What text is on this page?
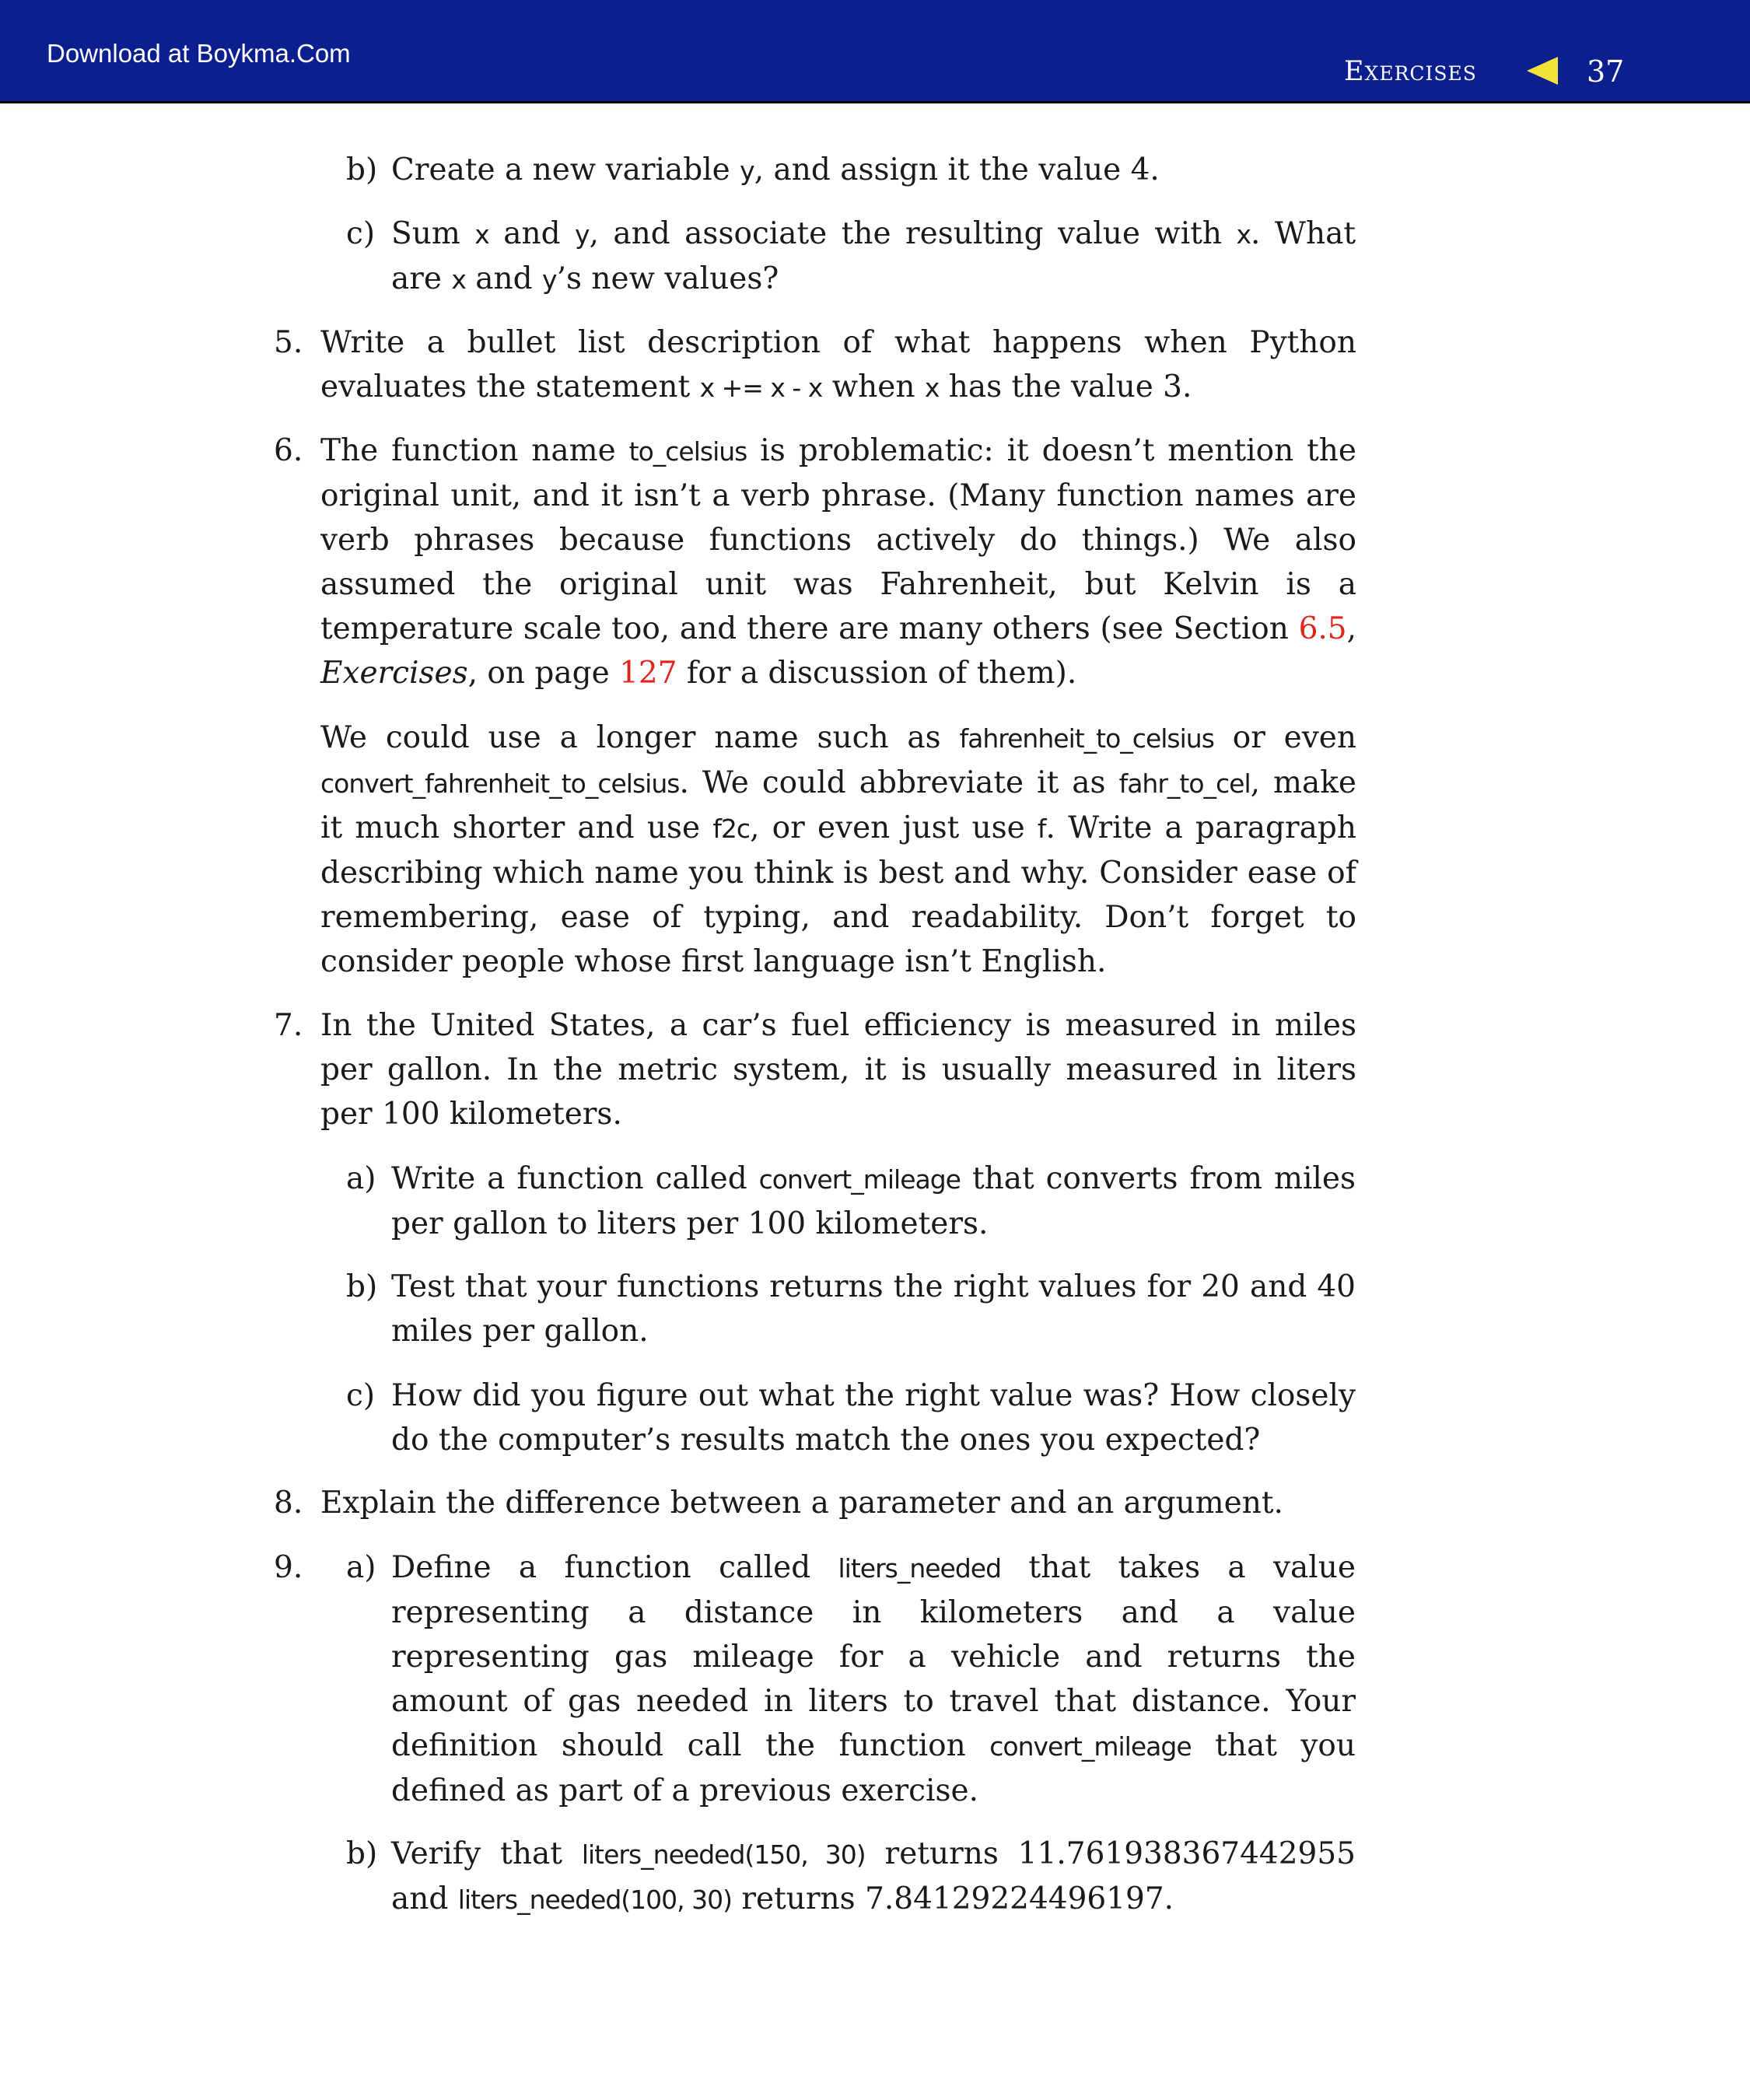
Download at Boykma.Com
Exercises	37
b) Create a new variable y, and assign it the value 4.

c) Sum x and y, and associate the resulting value with x. What are x and y’s new values?

5. Write a bullet list description of what happens when Python evaluates the statement x += x - x when x has the value 3.

6. The function name to_celsius is problematic: it doesn’t mention the original unit, and it isn’t a verb phrase. (Many function names are verb phrases because functions actively do things.) We also assumed the original unit was Fahrenheit, but Kelvin is a temperature scale too, and there are many others (see Section 6.5, Exercises, on page 127 for a discussion of them).

We could use a longer name such as fahrenheit_to_celsius or even convert_fahrenheit_to_celsius. We could abbreviate it as fahr_to_cel, make it much shorter and use f2c, or even just use f. Write a paragraph describing which name you think is best and why. Consider ease of remembering, ease of typing, and readability. Don’t forget to consider people whose first language isn’t English.

7. In the United States, a car’s fuel efficiency is measured in miles per gallon. In the metric system, it is usually measured in liters per 100 kilometers.

a) Write a function called convert_mileage that converts from miles per gallon to liters per 100 kilometers.

b) Test that your functions returns the right values for 20 and 40 miles per gallon.

c) How did you figure out what the right value was? How closely do the computer’s results match the ones you expected?

8. Explain the difference between a parameter and an argument.

9. a) Define a function called liters_needed that takes a value representing a distance in kilometers and a value representing gas mileage for a vehicle and returns the amount of gas needed in liters to travel that distance. Your definition should call the function convert_mileage that you defined as part of a previous exercise.

b) Verify that liters_needed(150, 30) returns 11.761938367442955 and liters_needed(100, 30) returns 7.84129224496197.
